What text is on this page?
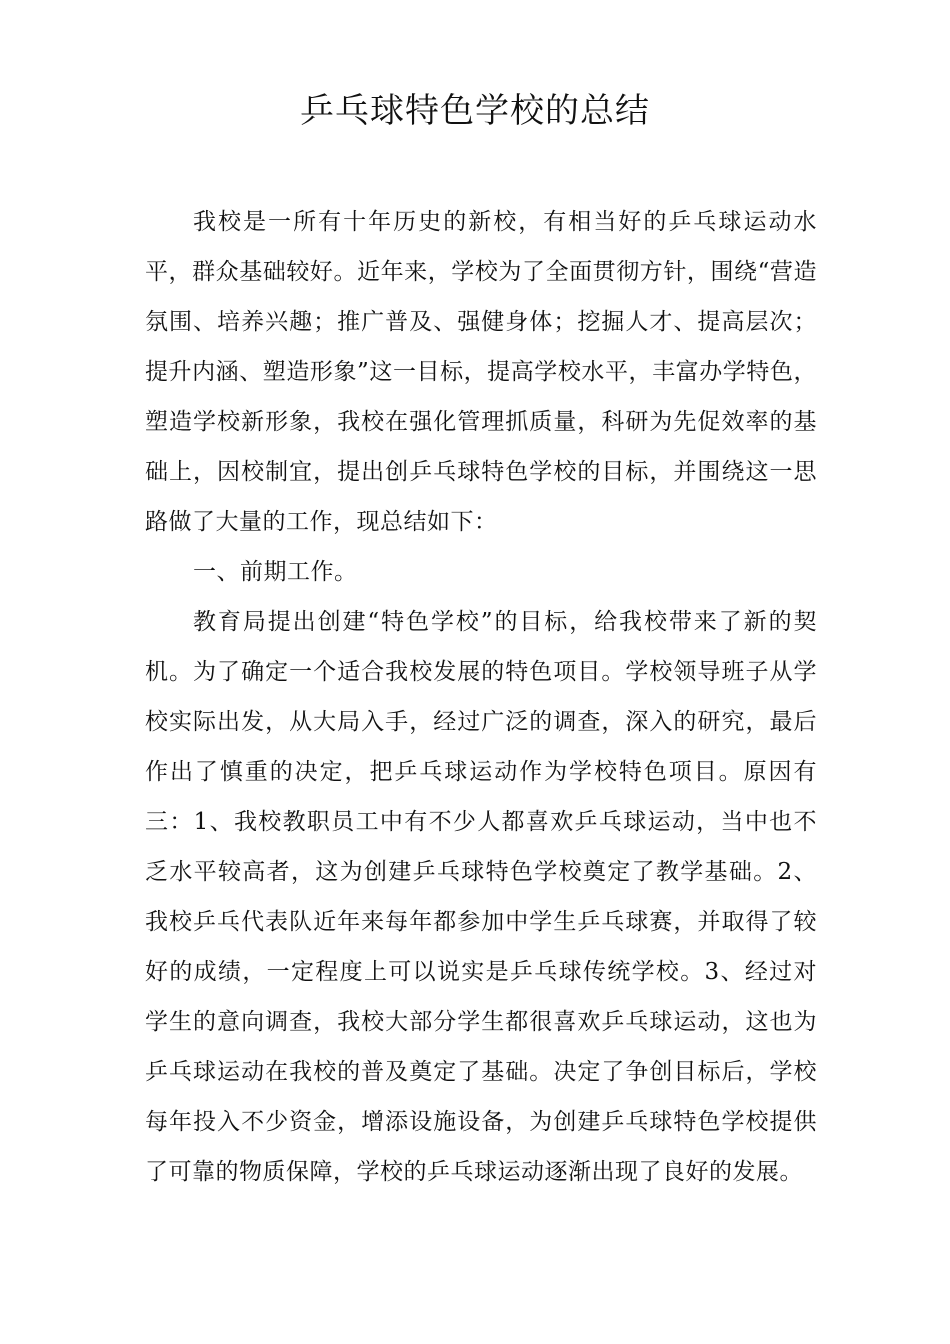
乒乓球特色学校的总结

我校是一所有十年历史的新校，有相当好的乒乓球运动水平，群众基础较好。近年来，学校为了全面贯彻方针，围绕“营造氛围、培养兴趣；推广普及、强健身体；挖掘人才、提高层次；提升内涵、塑造形象”这一目标，提高学校水平，丰富办学特色，塑造学校新形象，我校在强化管理抓质量，科研为先促效率的基础上，因校制宜，提出创乒乓球特色学校的目标，并围绕这一思路做了大量的工作，现总结如下：

一、前期工作。

教育局提出创建“特色学校”的目标，给我校带来了新的契机。为了确定一个适合我校发展的特色项目。学校领导班子从学校实际出发，从大局入手，经过广泛的调查，深入的研究，最后作出了慎重的决定，把乒乓球运动作为学校特色项目。原因有三：1、我校教职员工中有不少人都喜欢乒乓球运动，当中也不乏水平较高者，这为创建乒乓球特色学校奠定了教学基础。2、我校乒乓代表队近年来每年都参加中学生乒乓球赛，并取得了较好的成绩，一定程度上可以说实是乒乓球传统学校。3、经过对学生的意向调查，我校大部分学生都很喜欢乒乓球运动，这也为乒乓球运动在我校的普及奠定了基础。决定了争创目标后，学校每年投入不少资金，增添设施设备，为创建乒乓球特色学校提供了可靠的物质保障，学校的乒乓球运动逐渐出现了良好的发展。
